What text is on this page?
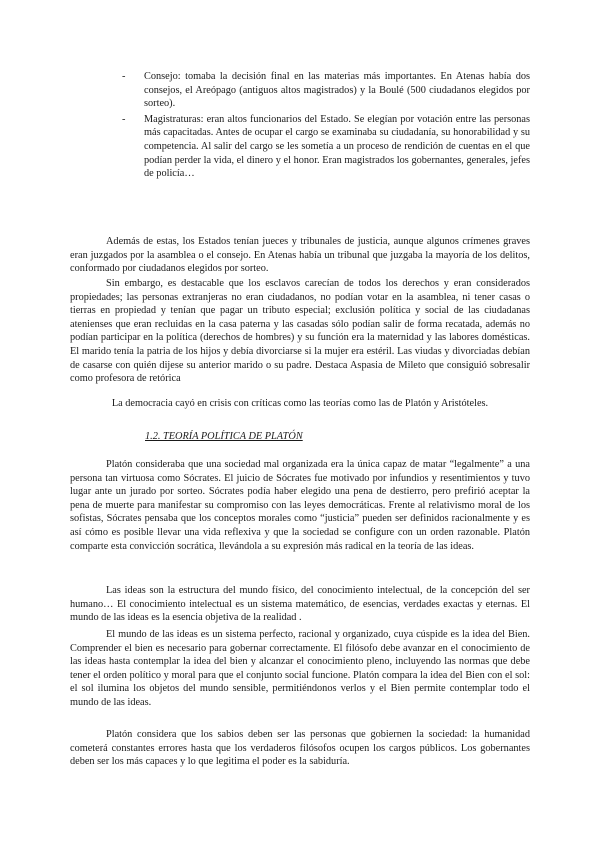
- Consejo: tomaba la decisión final en las materias más importantes. En Atenas había dos consejos, el Areópago (antiguos altos magistrados) y la Boulé (500 ciudadanos elegidos por sorteo).
- Magistraturas: eran altos funcionarios del Estado. Se elegían por votación entre las personas más capacitadas. Antes de ocupar el cargo se examinaba su ciudadanía, su honorabilidad y su competencia. Al salir del cargo se les sometía a un proceso de rendición de cuentas en el que podían perder la vida, el dinero y el honor. Eran magistrados los gobernantes, generales, jefes de policía…
Además de estas, los Estados tenían jueces y tribunales de justicia, aunque algunos crímenes graves eran juzgados por la asamblea o el consejo. En Atenas había un tribunal que juzgaba la mayoría de los delitos, conformado por ciudadanos elegidos por sorteo.
Sin embargo, es destacable que los esclavos carecían de todos los derechos y eran considerados propiedades; las personas extranjeras no eran ciudadanos, no podían votar en la asamblea, ni tener casas o tierras en propiedad y tenían que pagar un tributo especial; exclusión política y social de las ciudadanas atenienses que eran recluidas en la casa paterna y las casadas sólo podían salir de forma recatada, además no podían participar en la política (derechos de hombres) y su función era la maternidad y las labores domésticas. El marido tenía la patria de los hijos y debía divorciarse si la mujer era estéril. Las viudas y divorciadas debían de casarse con quién dijese su anterior marido o su padre. Destaca Aspasia de Mileto que consiguió sobresalir como profesora de retórica
La democracia cayó en crisis con críticas como las teorías como las de Platón y Aristóteles.
1.2. TEORÍA POLÍTICA DE PLATÓN
Platón consideraba que una sociedad mal organizada era la única capaz de matar “legalmente” a una persona tan virtuosa como Sócrates. El juicio de Sócrates fue motivado por infundios y resentimientos y tuvo lugar ante un jurado por sorteo. Sócrates podía haber elegido una pena de destierro, pero prefirió aceptar la pena de muerte para manifestar su compromiso con las leyes democráticas. Frente al relativismo moral de los sofistas, Sócrates pensaba que los conceptos morales como “justicia” pueden ser definidos racionalmente y es así cómo es posible llevar una vida reflexiva y que la sociedad se configure con un orden razonable. Platón comparte esta convicción socrática, llevándola a su expresión más radical en la teoría de las ideas.
Las ideas son la estructura del mundo físico, del conocimiento intelectual, de la concepción del ser humano… El conocimiento intelectual es un sistema matemático, de esencias, verdades exactas y eternas. El mundo de las ideas es la esencia objetiva de la realidad .
El mundo de las ideas es un sistema perfecto, racional y organizado, cuya cúspide es la idea del Bien. Comprender el bien es necesario para gobernar correctamente. El filósofo debe avanzar en el conocimiento de las ideas hasta contemplar la idea del bien y alcanzar el conocimiento pleno, incluyendo las normas que debe tener el orden político y moral para que el conjunto social funcione. Platón compara la idea del Bien con el sol: el sol ilumina los objetos del mundo sensible, permitiéndonos verlos y el Bien permite contemplar todo el mundo de las ideas.
Platón considera que los sabios deben ser las personas que gobiernen la sociedad: la humanidad cometerá constantes errores hasta que los verdaderos filósofos ocupen los cargos públicos. Los gobernantes deben ser los más capaces y lo que legitima el poder es la sabiduría.
